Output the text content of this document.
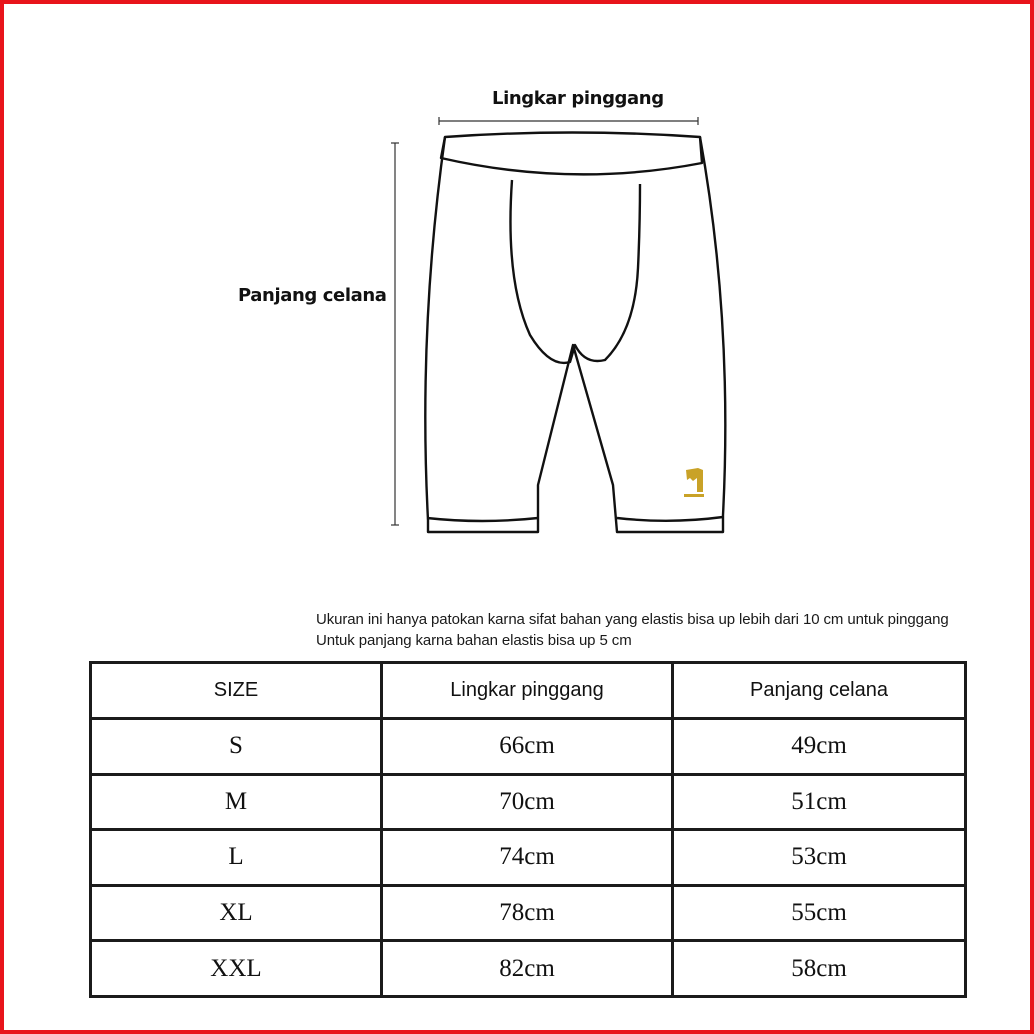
Lingkar pinggang
Panjang celana
Ukuran ini hanya patokan karna sifat bahan yang elastis bisa up lebih dari 10 cm untuk pinggang
Untuk panjang karna bahan elastis bisa up 5 cm
SIZE	Lingkar pinggang	Panjang celana
S	66cm	49cm
M	70cm	51cm
L	74cm	53cm
XL	78cm	55cm
XXL	82cm	58cm
